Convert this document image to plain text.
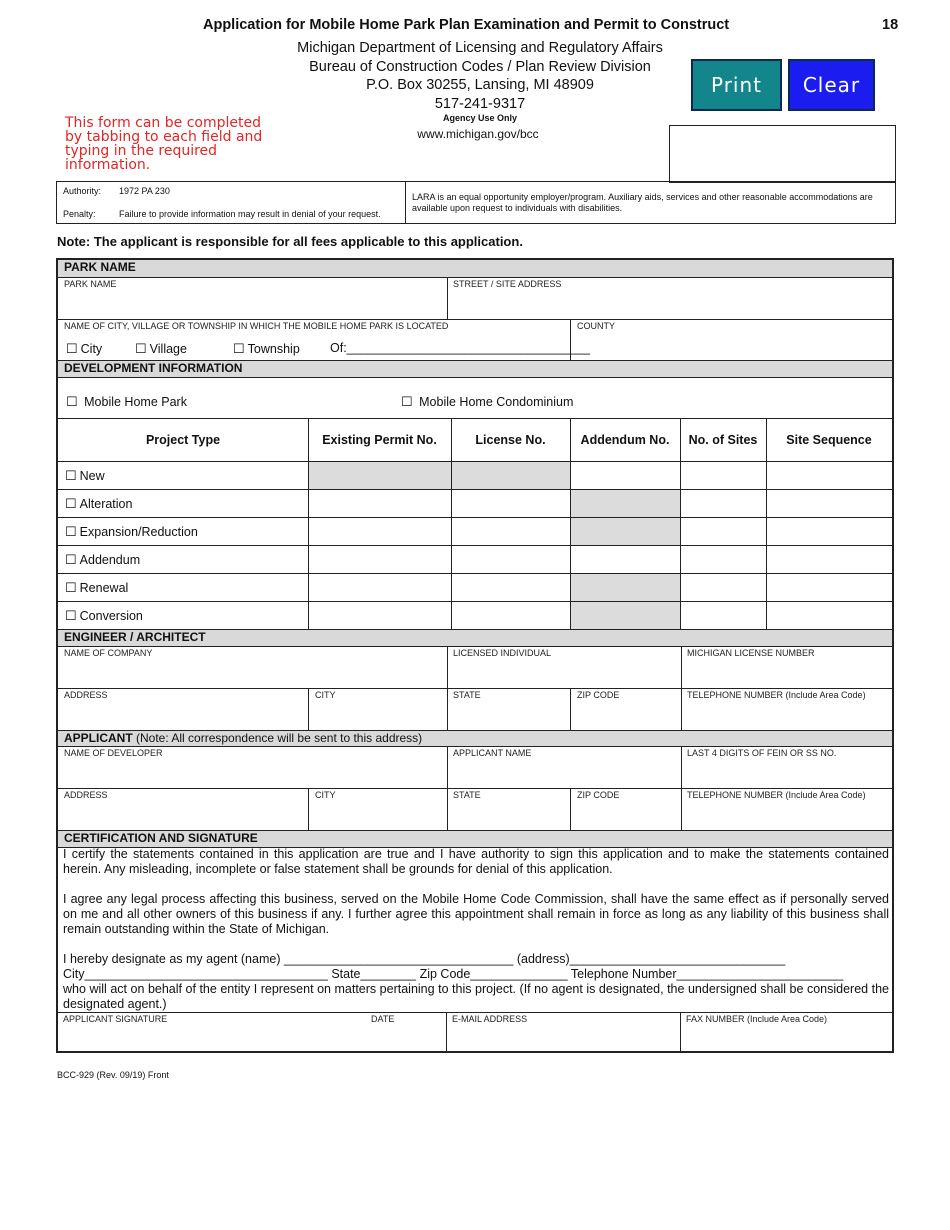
Application for Mobile Home Park Plan Examination and Permit to Construct	18
Michigan Department of Licensing and Regulatory Affairs
Bureau of Construction Codes / Plan Review Division
P.O. Box 30255, Lansing, MI 48909
517-241-9317
Print	Clear
This form can be completed by tabbing to each field and typing in the required information.
Agency Use Only
www.michigan.gov/bcc
Authority: 1972 PA 230
Penalty:	Failure to provide information may result in denial of your request.
LARA is an equal opportunity employer/program. Auxiliary aids, services and other reasonable accommodations are available upon request to individuals with disabilities.
Note: The applicant is responsible for all fees applicable to this application.
PARK NAME
PARK NAME	STREET / SITE ADDRESS
NAME OF CITY, VILLAGE OR TOWNSHIP IN WHICH THE MOBILE HOME PARK IS LOCATED
☐ City	☐ Village	☐ Township Of:___________________________________
COUNTY
DEVELOPMENT INFORMATION
☐ Mobile Home Park	☐ Mobile Home Condominium
Project Type	Existing Permit No.	License No.	Addendum No.	No. of Sites	Site Sequence
☐ New
☐ Alteration
☐ Expansion/Reduction
☐ Addendum
☐ Renewal
☐ Conversion
ENGINEER / ARCHITECT
NAME OF COMPANY	LICENSED INDIVIDUAL	MICHIGAN LICENSE NUMBER
ADDRESS	CITY	STATE	ZIP CODE	TELEPHONE NUMBER (Include Area Code)
APPLICANT (Note: All correspondence will be sent to this address)
NAME OF DEVELOPER	APPLICANT NAME	LAST 4 DIGITS OF FEIN OR SS NO.
ADDRESS	CITY	STATE	ZIP CODE	TELEPHONE NUMBER (Include Area Code)
CERTIFICATION AND SIGNATURE
I certify the statements contained in this application are true and I have authority to sign this application and to make the statements contained herein. Any misleading, incomplete or false statement shall be grounds for denial of this application.
I agree any legal process affecting this business, served on the Mobile Home Code Commission, shall have the same effect as if personally served on me and all other owners of this business if any. I further agree this appointment shall remain in force as long as any liability of this business shall remain outstanding within the State of Michigan.
I hereby designate as my agent (name) _________________________________ (address)_______________________________
City___________________________________ State________ Zip Code______________ Telephone Number________________________
who will act on behalf of the entity I represent on matters pertaining to this project. (If no agent is designated, the undersigned shall be considered the designated agent.)
APPLICANT SIGNATURE	DATE	E-MAIL ADDRESS	FAX NUMBER (Include Area Code)
BCC-929 (Rev. 09/19) Front
